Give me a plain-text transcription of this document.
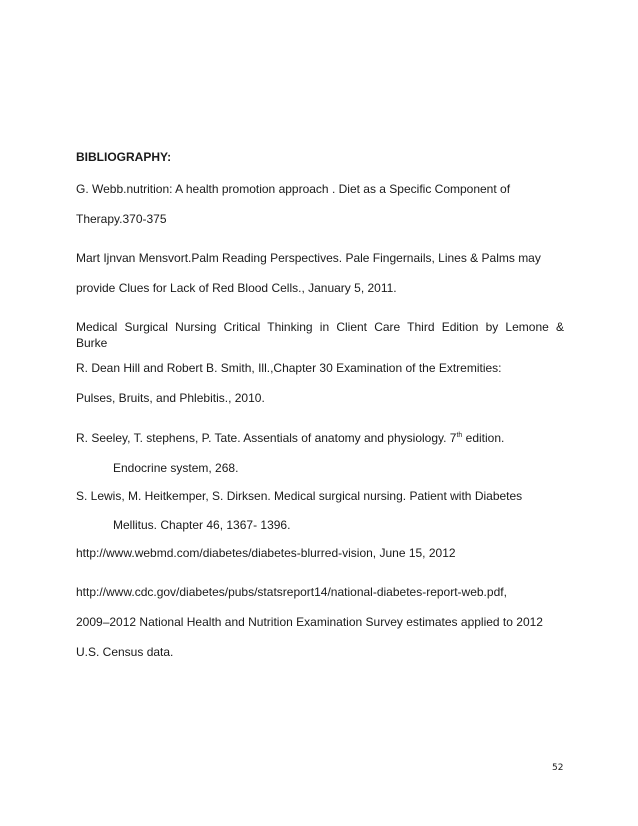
BIBLIOGRAPHY:
G. Webb.nutrition: A health promotion approach . Diet as a Specific Component of
Therapy.370-375
Mart Ijnvan Mensvort.Palm Reading Perspectives. Pale Fingernails, Lines & Palms may
provide Clues for Lack of Red Blood Cells., January 5, 2011.
Medical Surgical Nursing Critical Thinking in Client Care Third Edition by Lemone &
Burke
R. Dean Hill and Robert B. Smith, Ill.,Chapter 30 Examination of the Extremities:
Pulses, Bruits, and Phlebitis., 2010.
R. Seeley, T. stephens, P. Tate. Assentials of anatomy and physiology. 7th edition.
Endocrine system, 268.
S. Lewis, M. Heitkemper, S. Dirksen. Medical surgical nursing. Patient with Diabetes
Mellitus. Chapter 46, 1367- 1396.
http://www.webmd.com/diabetes/diabetes-blurred-vision, June 15, 2012
http://www.cdc.gov/diabetes/pubs/statsreport14/national-diabetes-report-web.pdf,
2009–2012 National Health and Nutrition Examination Survey estimates applied to 2012
U.S. Census data.
52
